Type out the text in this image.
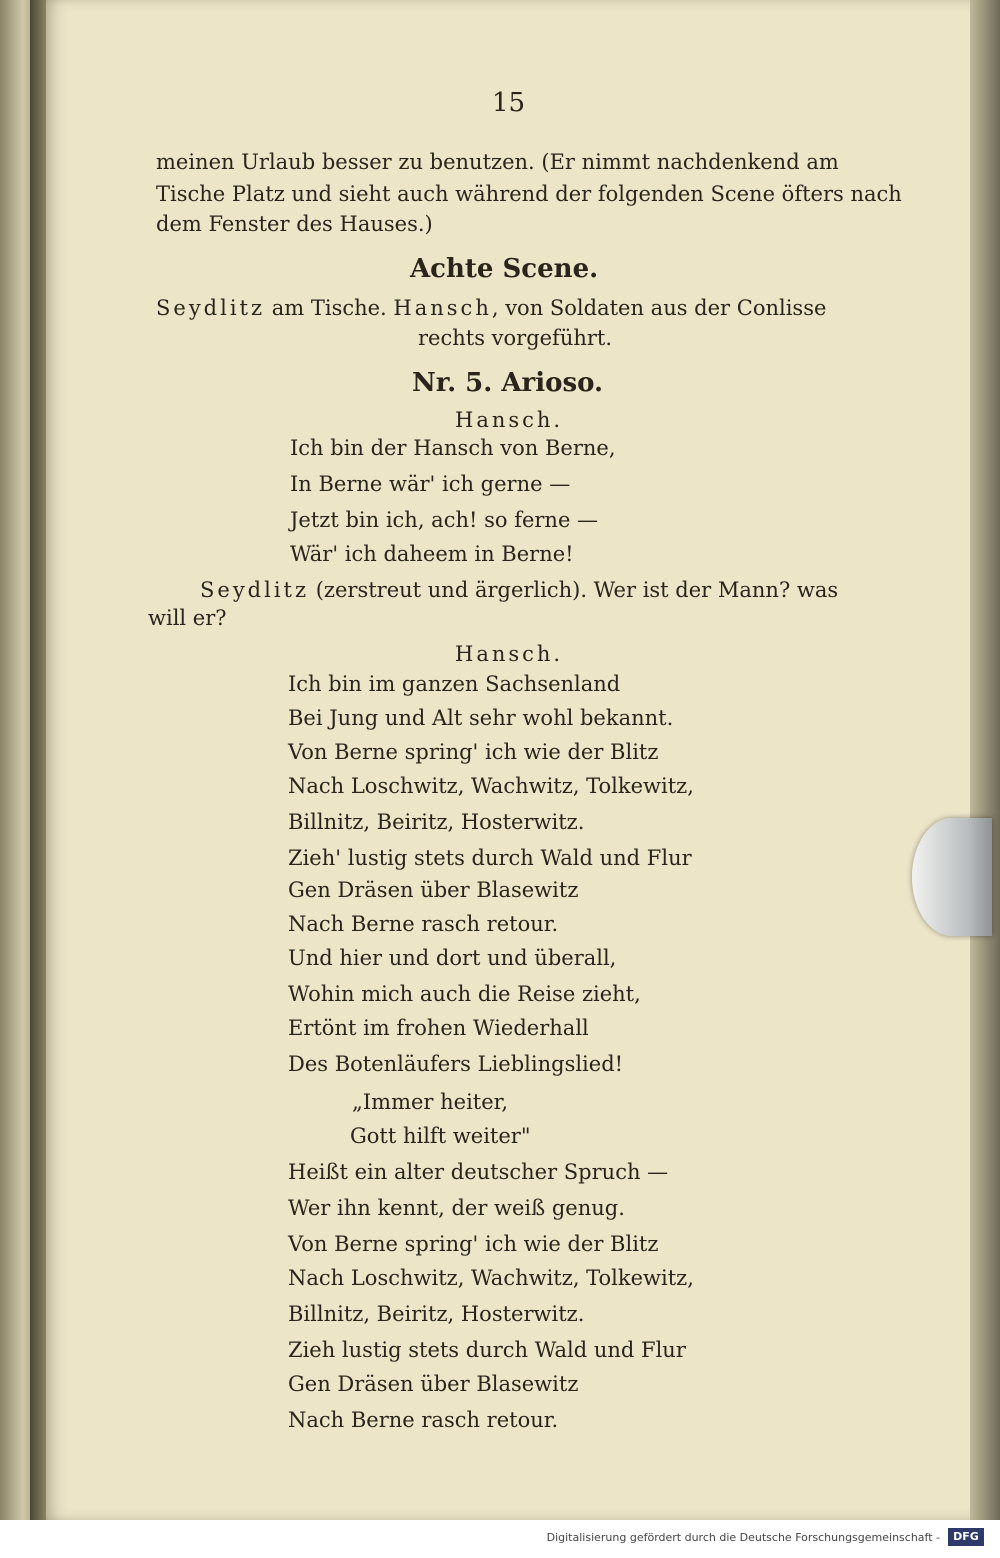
15
meinen Urlaub besser zu benutzen. (Er nimmt nachdenkend am
Tische Platz und sieht auch während der folgenden Scene öfters nach
dem Fenster des Hauses.)
Achte Scene.
Seydlitz am Tische. Hansch, von Soldaten aus der Conlisse
rechts vorgeführt.
Nr. 5. Arioso.
Hansch.
Ich bin der Hansch von Berne,
In Berne wär' ich gerne —
Jetzt bin ich, ach! so ferne —
Wär' ich daheem in Berne!
Seydlitz (zerstreut und ärgerlich). Wer ist der Mann? was
will er?
Hansch.
Ich bin im ganzen Sachsenland
Bei Jung und Alt sehr wohl bekannt.
Von Berne spring' ich wie der Blitz
Nach Loschwitz, Wachwitz, Tolkewitz,
Billnitz, Beiritz, Hosterwitz.
Zieh' lustig stets durch Wald und Flur
Gen Dräsen über Blasewitz
Nach Berne rasch retour.
Und hier und dort und überall,
Wohin mich auch die Reise zieht,
Ertönt im frohen Wiederhall
Des Botenläufers Lieblingslied!
„Immer heiter,
Gott hilft weiter"
Heißt ein alter deutscher Spruch —
Wer ihn kennt, der weiß genug.
Von Berne spring' ich wie der Blitz
Nach Loschwitz, Wachwitz, Tolkewitz,
Billnitz, Beiritz, Hosterwitz.
Zieh lustig stets durch Wald und Flur
Gen Dräsen über Blasewitz
Nach Berne rasch retour.
Digitalisierung gefördert durch die Deutsche Forschungsgemeinschaft -	DFG
